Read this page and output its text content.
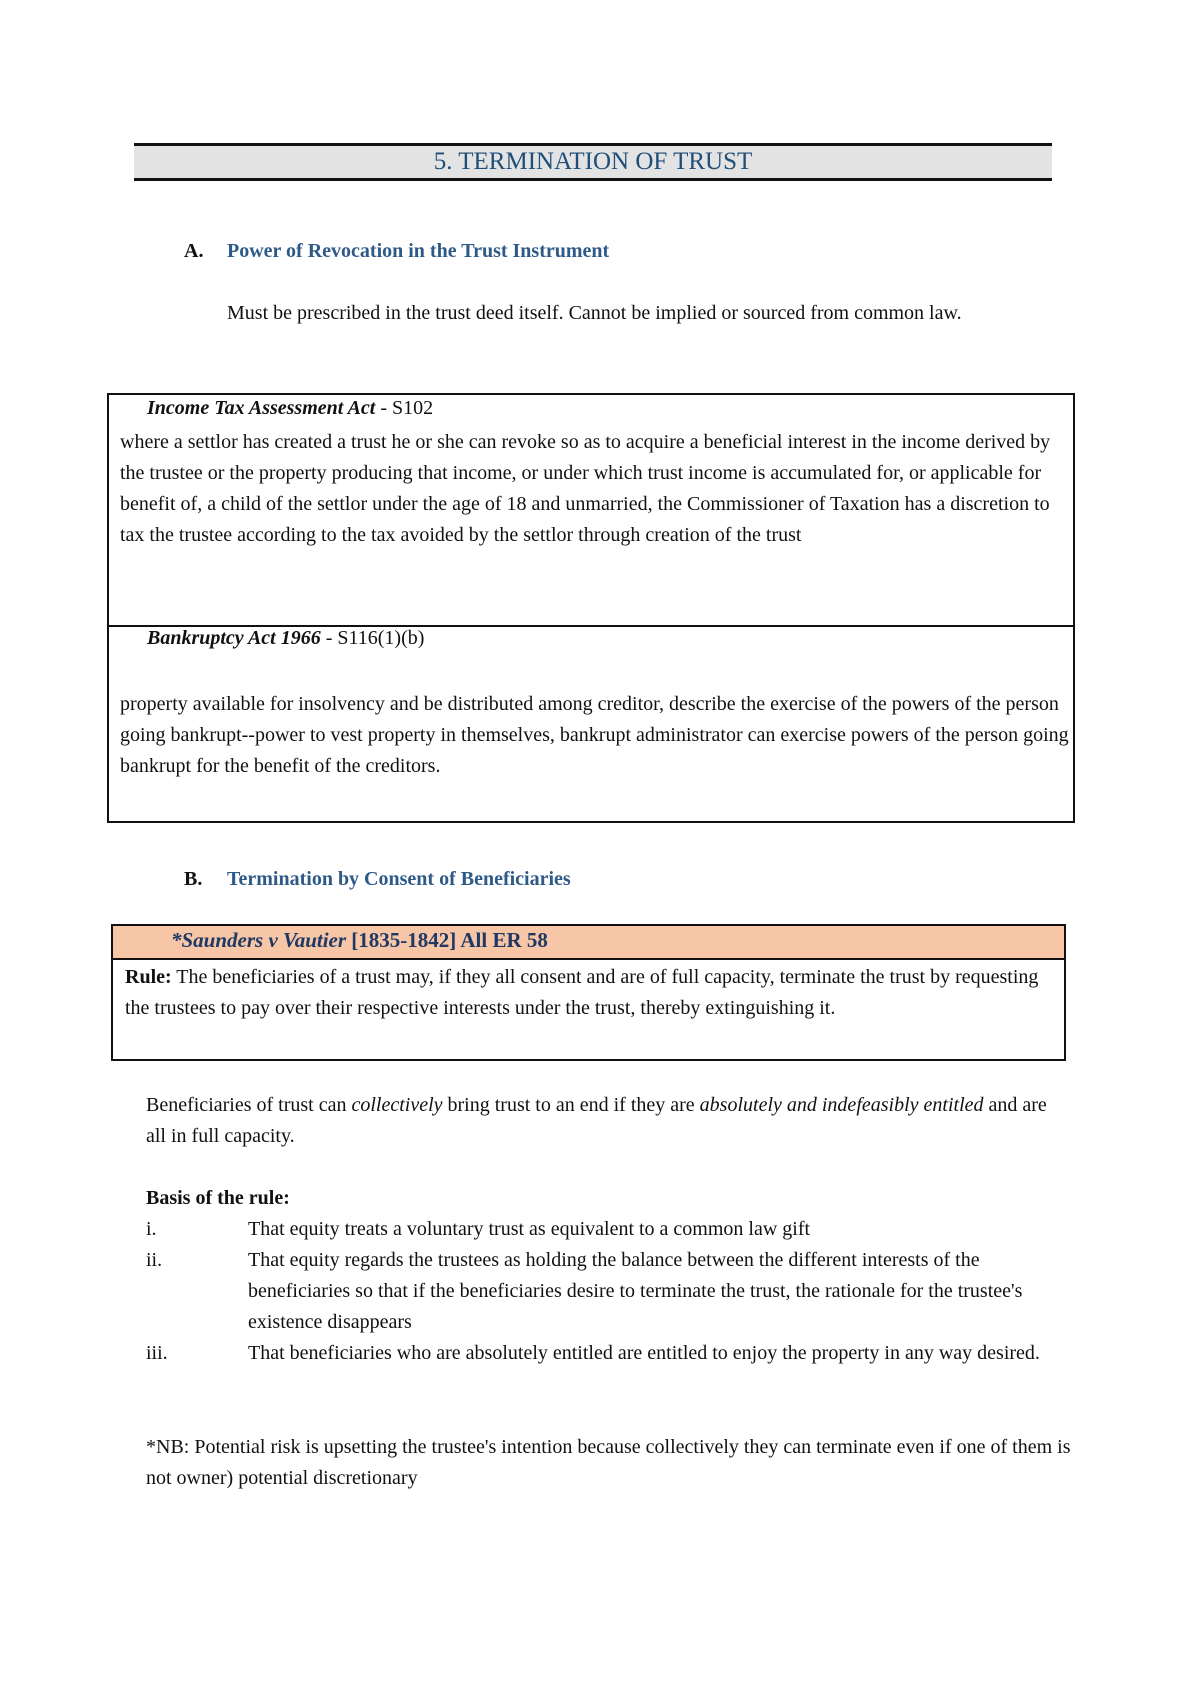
5. TERMINATION OF TRUST
A. Power of Revocation in the Trust Instrument
Must be prescribed in the trust deed itself. Cannot be implied or sourced from common law.
Income Tax Assessment Act - S102
where a settlor has created a trust he or she can revoke so as to acquire a beneficial interest in the income derived by the trustee or the property producing that income, or under which trust income is accumulated for, or applicable for benefit of, a child of the settlor under the age of 18 and unmarried, the Commissioner of Taxation has a discretion to tax the trustee according to the tax avoided by the settlor through creation of the trust
Bankruptcy Act 1966 - S116(1)(b)
property available for insolvency and be distributed among creditor, describe the exercise of the powers of the person going bankrupt--power to vest property in themselves, bankrupt administrator can exercise powers of the person going bankrupt for the benefit of the creditors.
B. Termination by Consent of Beneficiaries
*Saunders v Vautier [1835-1842] All ER 58
Rule: The beneficiaries of a trust may, if they all consent and are of full capacity, terminate the trust by requesting the trustees to pay over their respective interests under the trust, thereby extinguishing it.
Beneficiaries of trust can collectively bring trust to an end if they are absolutely and indefeasibly entitled and are all in full capacity.
Basis of the rule:
i.	That equity treats a voluntary trust as equivalent to a common law gift
ii.	That equity regards the trustees as holding the balance between the different interests of the beneficiaries so that if the beneficiaries desire to terminate the trust, the rationale for the trustee's existence disappears
iii.	That beneficiaries who are absolutely entitled are entitled to enjoy the property in any way desired.
*NB: Potential risk is upsetting the trustee's intention because collectively they can terminate even if one of them is not owner) potential discretionary
